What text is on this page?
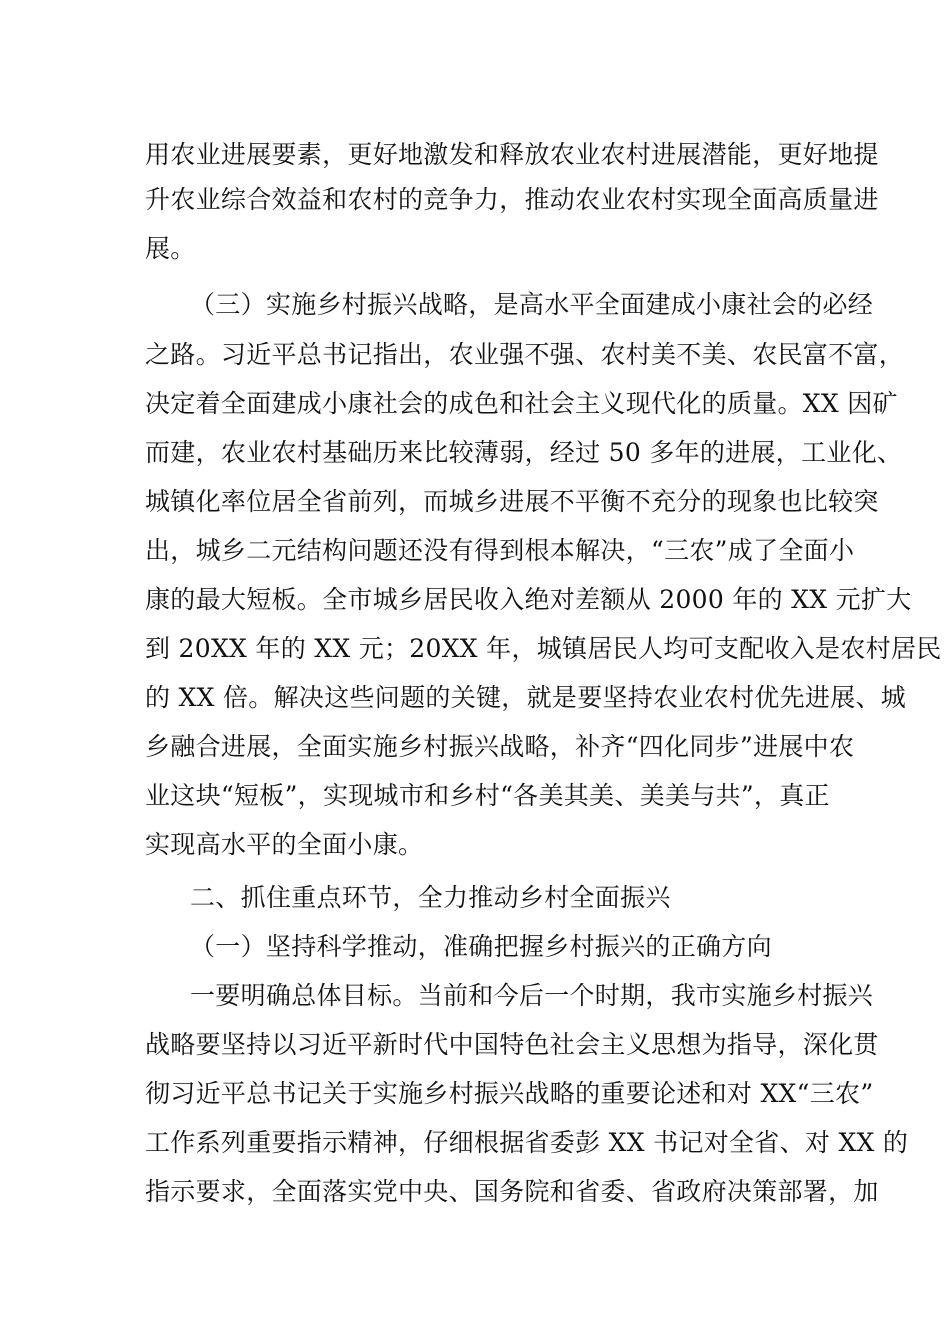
用农业进展要素，更好地激发和释放农业农村进展潜能，更好地提
升农业综合效益和农村的竞争力，推动农业农村实现全面高质量进
展。
（三）实施乡村振兴战略，是高水平全面建成小康社会的必经
之路。习近平总书记指出，农业强不强、农村美不美、农民富不富，
决定着全面建成小康社会的成色和社会主义现代化的质量。XX 因矿
而建，农业农村基础历来比较薄弱，经过 50 多年的进展，工业化、
城镇化率位居全省前列，而城乡进展不平衡不充分的现象也比较突
出，城乡二元结构问题还没有得到根本解决，“三农”成了全面小
康的最大短板。全市城乡居民收入绝对差额从 2000 年的 XX 元扩大
到 20XX 年的 XX 元；20XX 年，城镇居民人均可支配收入是农村居民
的 XX 倍。解决这些问题的关键，就是要坚持农业农村优先进展、城
乡融合进展，全面实施乡村振兴战略，补齐“四化同步”进展中农
业这块“短板”，实现城市和乡村“各美其美、美美与共”，真正
实现高水平的全面小康。
二、抓住重点环节，全力推动乡村全面振兴
（一）坚持科学推动，准确把握乡村振兴的正确方向
一要明确总体目标。当前和今后一个时期，我市实施乡村振兴
战略要坚持以习近平新时代中国特色社会主义思想为指导，深化贯
彻习近平总书记关于实施乡村振兴战略的重要论述和对 XX“三农”
工作系列重要指示精神，仔细根据省委彭 XX 书记对全省、对 XX 的
指示要求，全面落实党中央、国务院和省委、省政府决策部署，加
